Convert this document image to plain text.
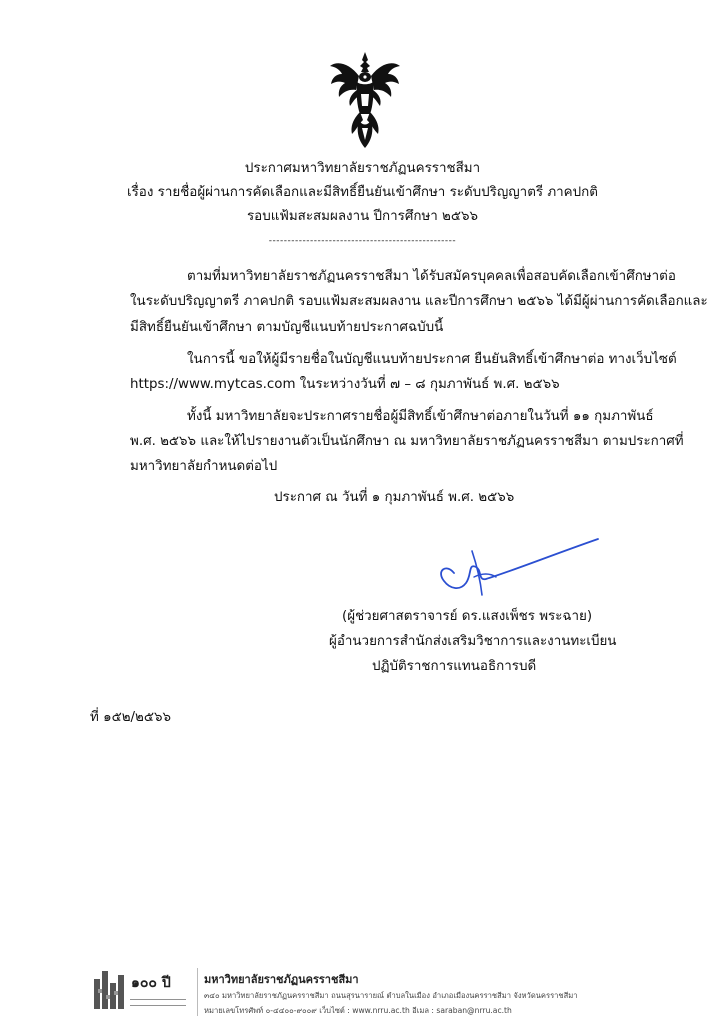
ประกาศมหาวิทยาลัยราชภัฏนครราชสีมา
เรื่อง รายชื่อผู้ผ่านการคัดเลือกและมีสิทธิ์ยืนยันเข้าศึกษา ระดับปริญญาตรี ภาคปกติ
รอบแฟ้มสะสมผลงาน ปีการศึกษา ๒๕๖๖
--------------------------------------------------
ตามที่มหาวิทยาลัยราชภัฏนครราชสีมา ได้รับสมัครบุคคลเพื่อสอบคัดเลือกเข้าศึกษาต่อ
ในระดับปริญญาตรี ภาคปกติ รอบแฟ้มสะสมผลงาน และปีการศึกษา ๒๕๖๖ ได้มีผู้ผ่านการคัดเลือกและ
มีสิทธิ์ยืนยันเข้าศึกษา ตามบัญชีแนบท้ายประกาศฉบับนี้
ในการนี้ ขอให้ผู้มีรายชื่อในบัญชีแนบท้ายประกาศ ยืนยันสิทธิ์เข้าศึกษาต่อ ทางเว็บไซต์
https://www.mytcas.com ในระหว่างวันที่ ๗ – ๘ กุมภาพันธ์ พ.ศ. ๒๕๖๖
ทั้งนี้ มหาวิทยาลัยจะประกาศรายชื่อผู้มีสิทธิ์เข้าศึกษาต่อภายในวันที่ ๑๑ กุมภาพันธ์
พ.ศ. ๒๕๖๖ และให้ไปรายงานตัวเป็นนักศึกษา ณ มหาวิทยาลัยราชภัฏนครราชสีมา ตามประกาศที่
มหาวิทยาลัยกำหนดต่อไป
ประกาศ ณ วันที่ ๑ กุมภาพันธ์ พ.ศ. ๒๕๖๖
(ผู้ช่วยศาสตราจารย์ ดร.แสงเพ็ชร พระฉาย)
ผู้อำนวยการสำนักส่งเสริมวิชาการและงานทะเบียน
ปฏิบัติราชการแทนอธิการบดี
ที่ ๑๕๒/๒๕๖๖
๑๐๐ ปี	มหาวิทยาลัยราชภัฏนครราชสีมา
๓๔๐ มหาวิทยาลัยราชภัฏนครราชสีมา ถนนสุรนารายณ์ ตำบลในเมือง อำเภอเมืองนครราชสีมา จังหวัดนครราชสีมา
หมายเลขโทรศัพท์ ๐-๔๔๐๐-๙๐๐๙ เว็บไซต์ : www.nrru.ac.th อีเมล : saraban@nrru.ac.th
